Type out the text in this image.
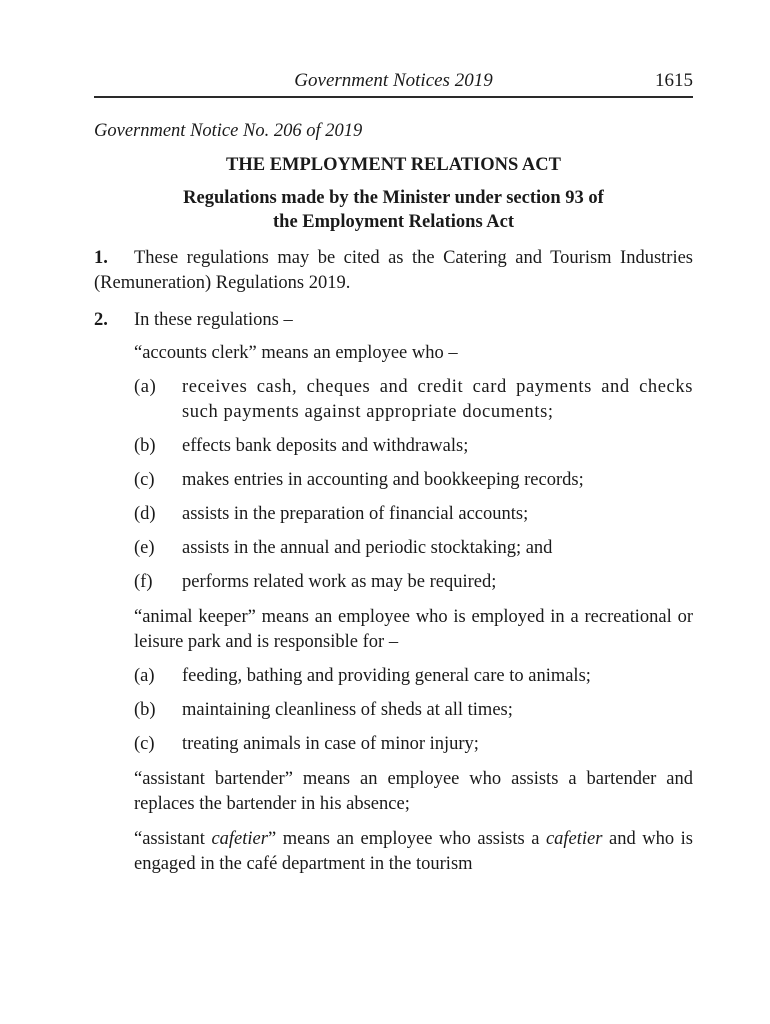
Government Notices 2019	1615
Government Notice No. 206 of 2019
THE EMPLOYMENT RELATIONS ACT
Regulations made by the Minister under section 93 of
the Employment Relations Act
1. These regulations may be cited as the Catering and Tourism Industries (Remuneration) Regulations 2019.
2.	In these regulations –
“accounts clerk” means an employee who –
(a)	receives cash, cheques and credit card payments and checks such payments against appropriate documents;
(b)	effects bank deposits and withdrawals;
(c)	makes entries in accounting and bookkeeping records;
(d)	assists in the preparation of financial accounts;
(e)	assists in the annual and periodic stocktaking; and
(f)	performs related work as may be required;
“animal keeper” means an employee who is employed in a recreational or leisure park and is responsible for –
(a)	feeding, bathing and providing general care to animals;
(b)	maintaining cleanliness of sheds at all times;
(c)	treating animals in case of minor injury;
“assistant bartender” means an employee who assists a bartender and replaces the bartender in his absence;
“assistant cafetier” means an employee who assists a cafetier and who is engaged in the café department in the tourism
